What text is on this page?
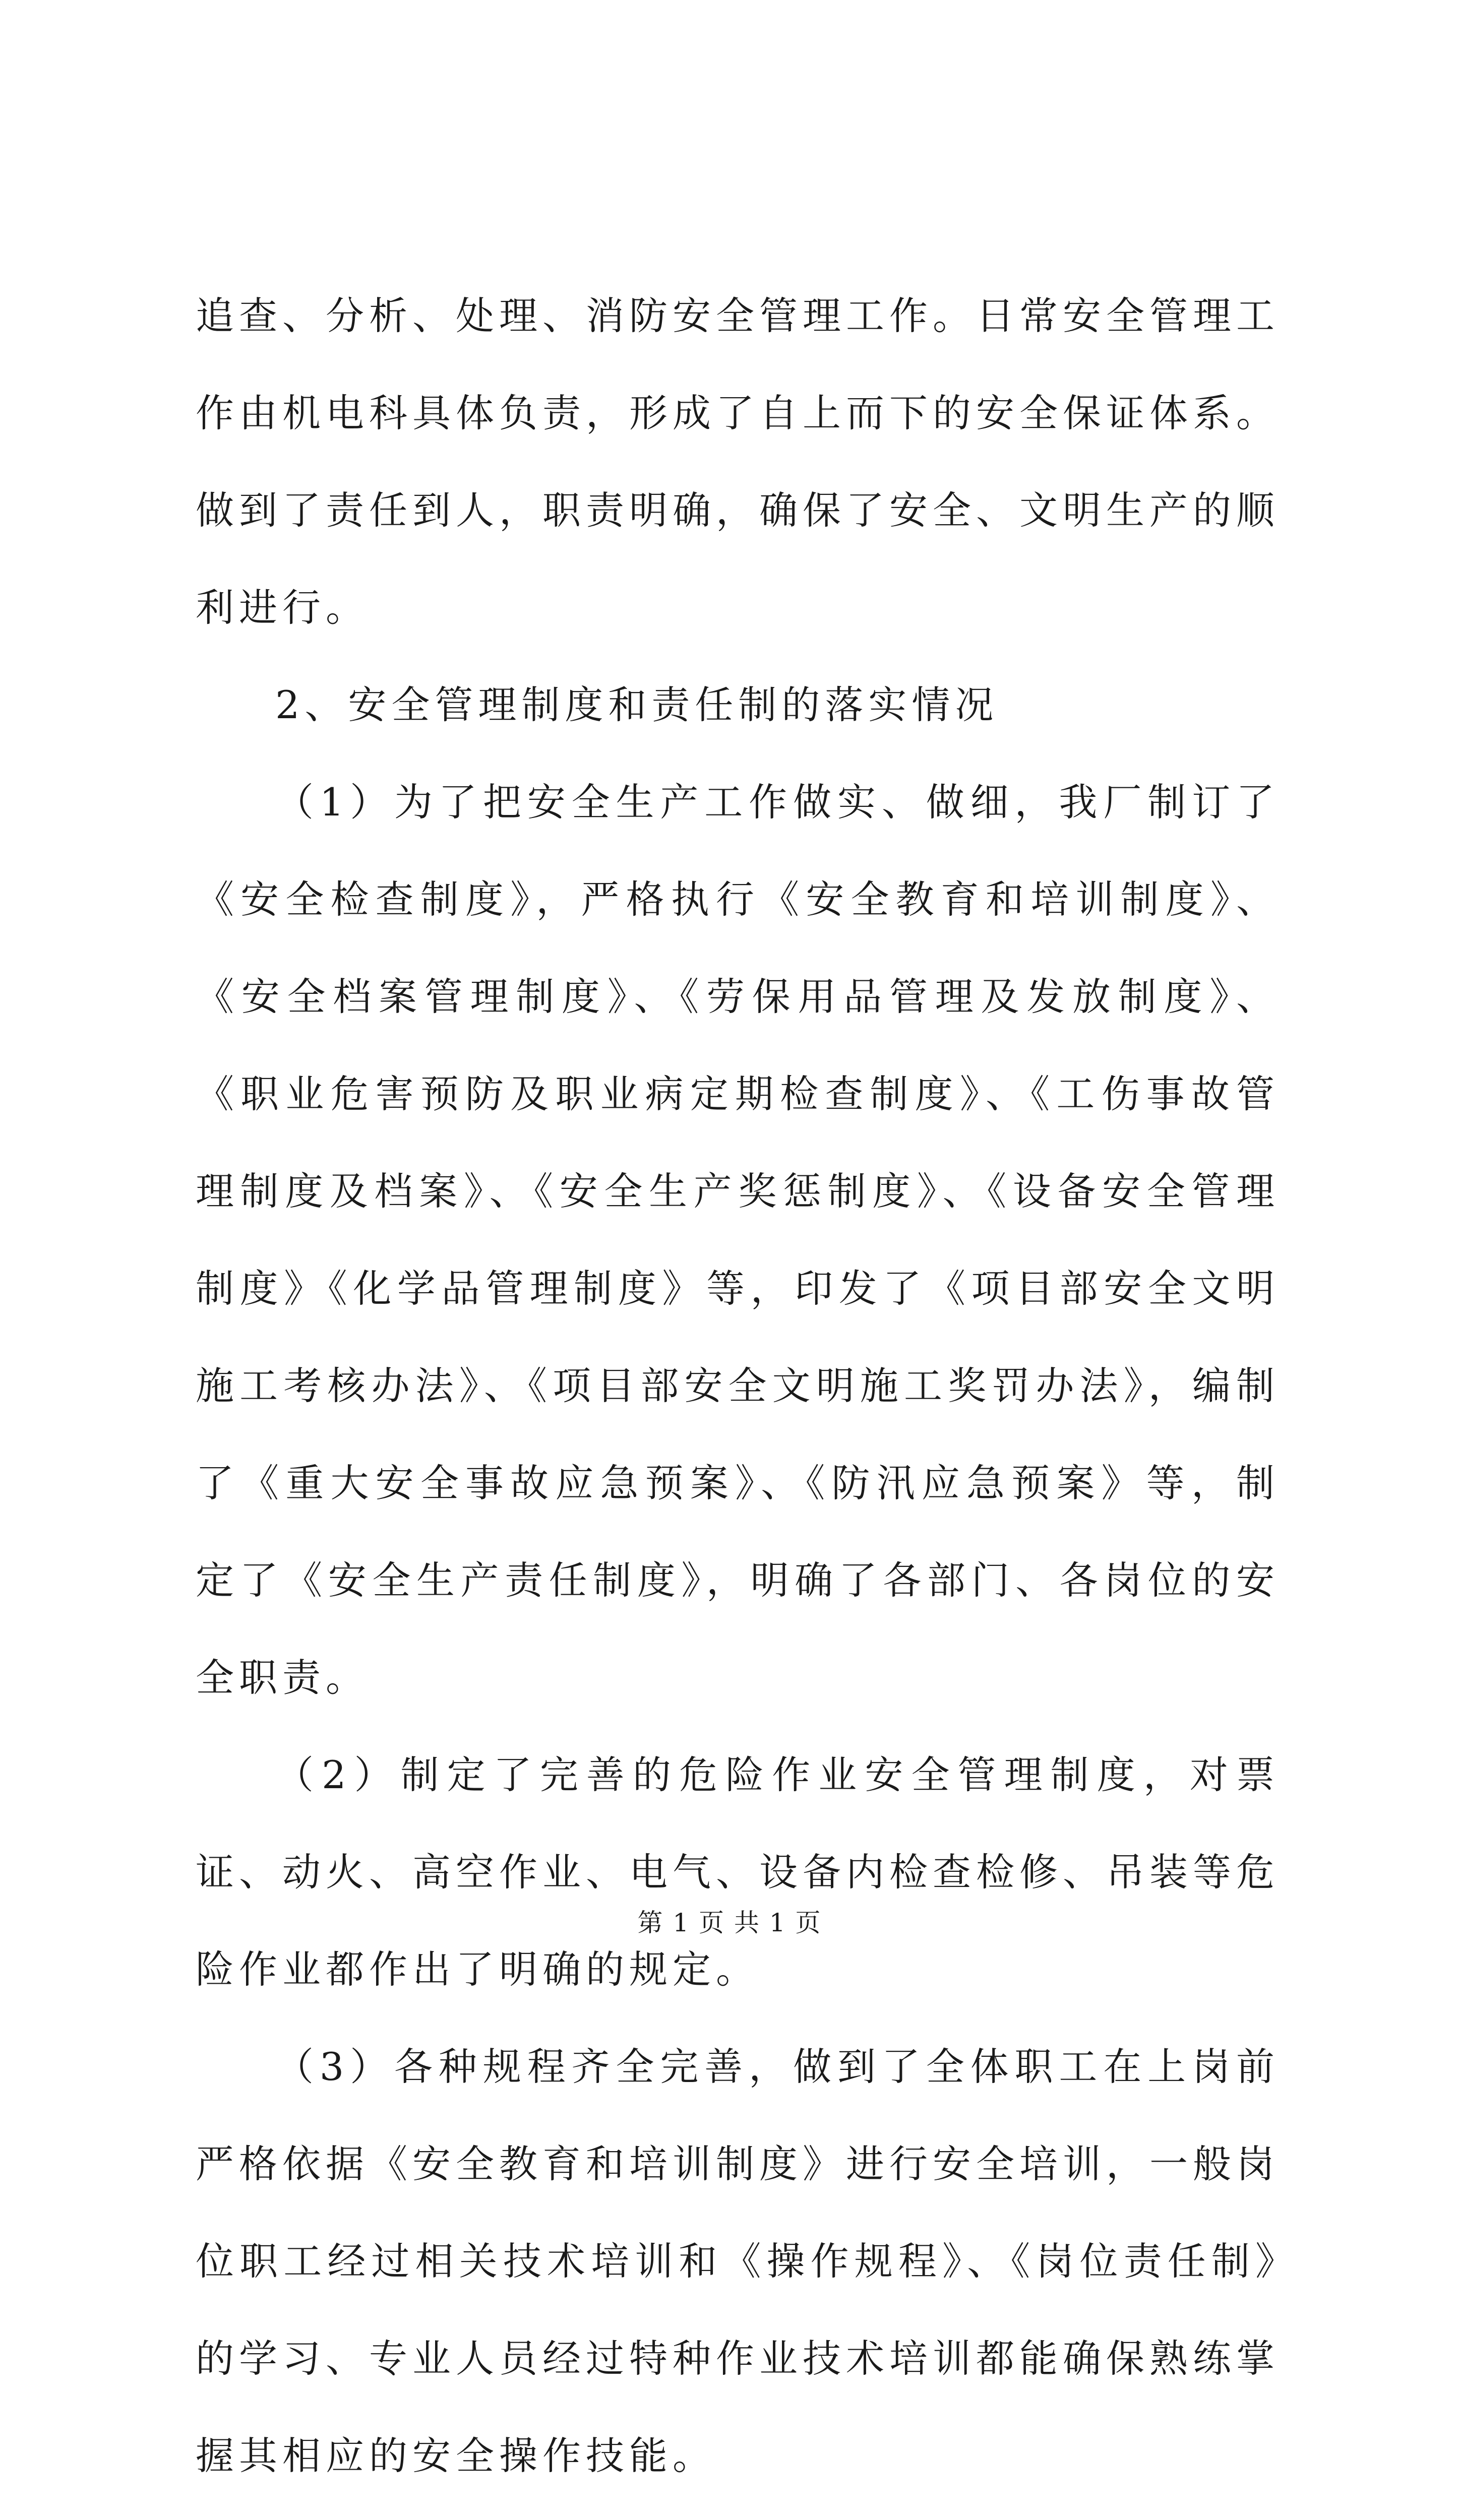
追查、分析、处理、消防安全管理工作。日常安全管理工作由机电科具体负责，形成了自上而下的安全保证体系。做到了责任到人，职责明确，确保了安全、文明生产的顺利进行。

2、安全管理制度和责任制的落实情况

（1）为了把安全生产工作做实、做细，我厂制订了《安全检查制度》，严格执行《安全教育和培训制度》、《安全档案管理制度》、《劳保用品管理及发放制度》、《职业危害预防及职业病定期检查制度》、《工伤事故管理制度及档案》、《安全生产奖惩制度》、《设备安全管理制度》《化学品管理制度》等，印发了《项目部安全文明施工考核办法》、《项目部安全文明施工奖罚办法》，编制了《重大安全事故应急预案》、《防汛应急预案》等，制定了《安全生产责任制度》，明确了各部门、各岗位的安全职责。

（2）制定了完善的危险作业安全管理制度，对票证、动火、高空作业、电气、设备内检查检修、吊装等危险作业都作出了明确的规定。

（3）各种规程齐全完善，做到了全体职工在上岗前严格依据《安全教育和培训制度》进行安全培训，一般岗位职工经过相关技术培训和《操作规程》、《岗位责任制》的学习、专业人员经过特种作业技术培训都能确保熟练掌握其相应的安全操作技能。

第 1 页 共 1 页
